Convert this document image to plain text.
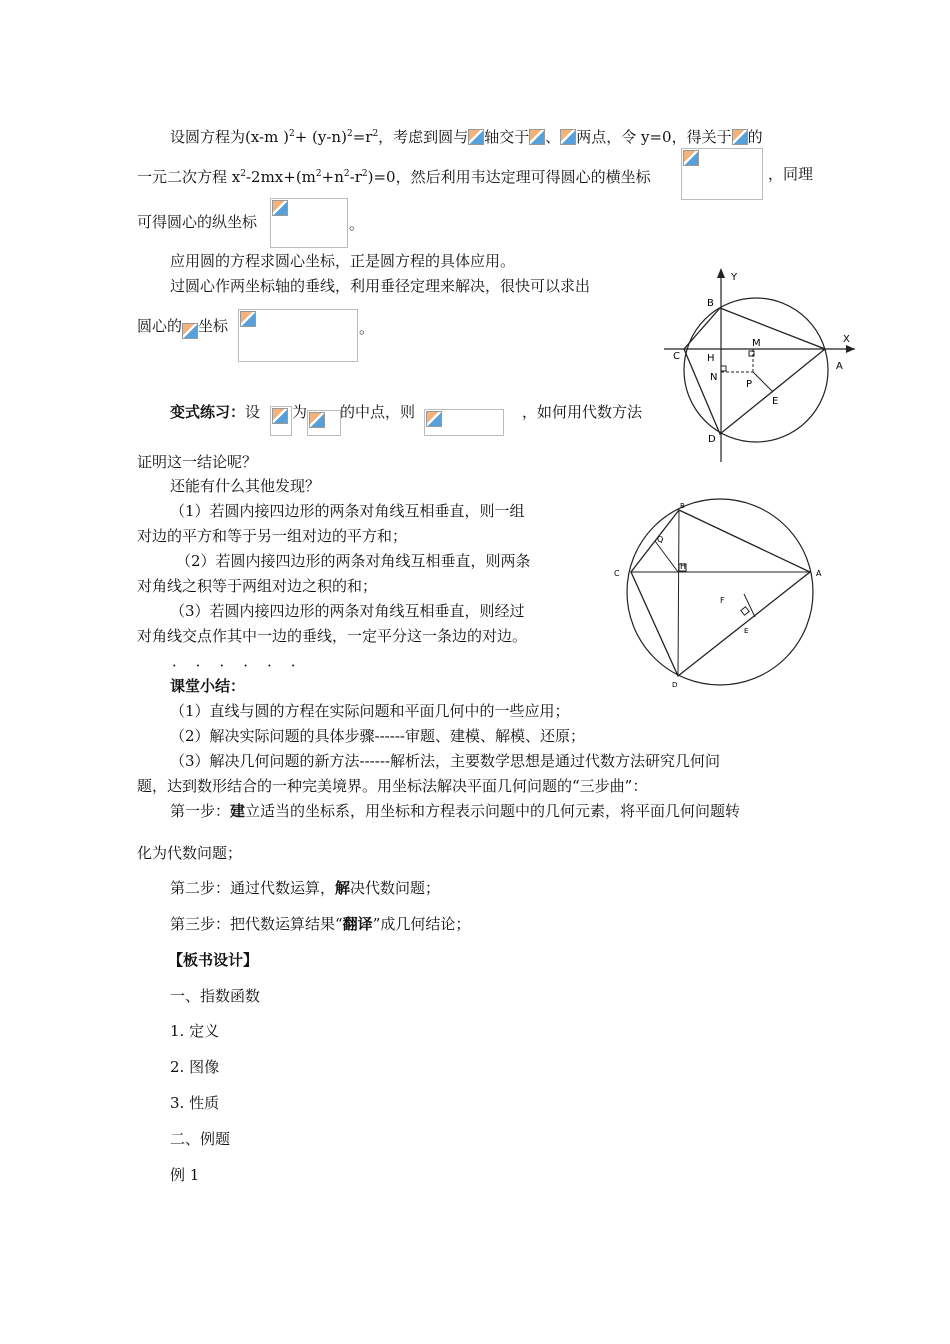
设圆方程为(x-m )$^2+ (y-n)^2=r^2$，考虑到圆与 轴交于 、 两点，令 y=0，得关于 的
一元二次方程 $x^2-2mx+(m^2+n^2-r^2)=0$，然后利用韦达定理可得圆心的横坐标	，同理
可得圆心的纵坐标	。
应用圆的方程求圆心坐标，正是圆方程的具体应用。
过圆心作两坐标轴的垂线，利用垂径定理来解决，很快可以求出
圆心的 坐标	。
变式练习：设 为 的中点，则	，如何用代数方法
证明这一结论呢？
还能有什么其他发现？
（1）若圆内接四边形的两条对角线互相垂直，则一组
对边的平方和等于另一组对边的平方和；
（2）若圆内接四边形的两条对角线互相垂直，则两条
对角线之积等于两组对边之积的和；
（3）若圆内接四边形的两条对角线互相垂直，则经过
对角线交点作其中一边的垂线，一定平分这一条边的对边。
． ． ． ． ． ．
课堂小结：
（1）直线与圆的方程在实际问题和平面几何中的一些应用；
（2）解决实际问题的具体步骤------审题、建模、解模、还原；
（3）解决几何问题的新方法------解析法，主要数学思想是通过代数方法研究几何问
题，达到数形结合的一种完美境界。用坐标法解决平面几何问题的“三步曲”：
第一步：建立适当的坐标系，用坐标和方程表示问题中的几何元素，将平面几何问题转
化为代数问题；
第二步：通过代数运算，解决代数问题；
第三步：把代数运算结果“翻译”成几何结论；
【板书设计】
一、指数函数
1. 定义
2. 图像
3. 性质
二、例题
例 1
Y
X
B
C	H
N
M
P
E
A
D
B
Q
C
H
A
F
E
D
